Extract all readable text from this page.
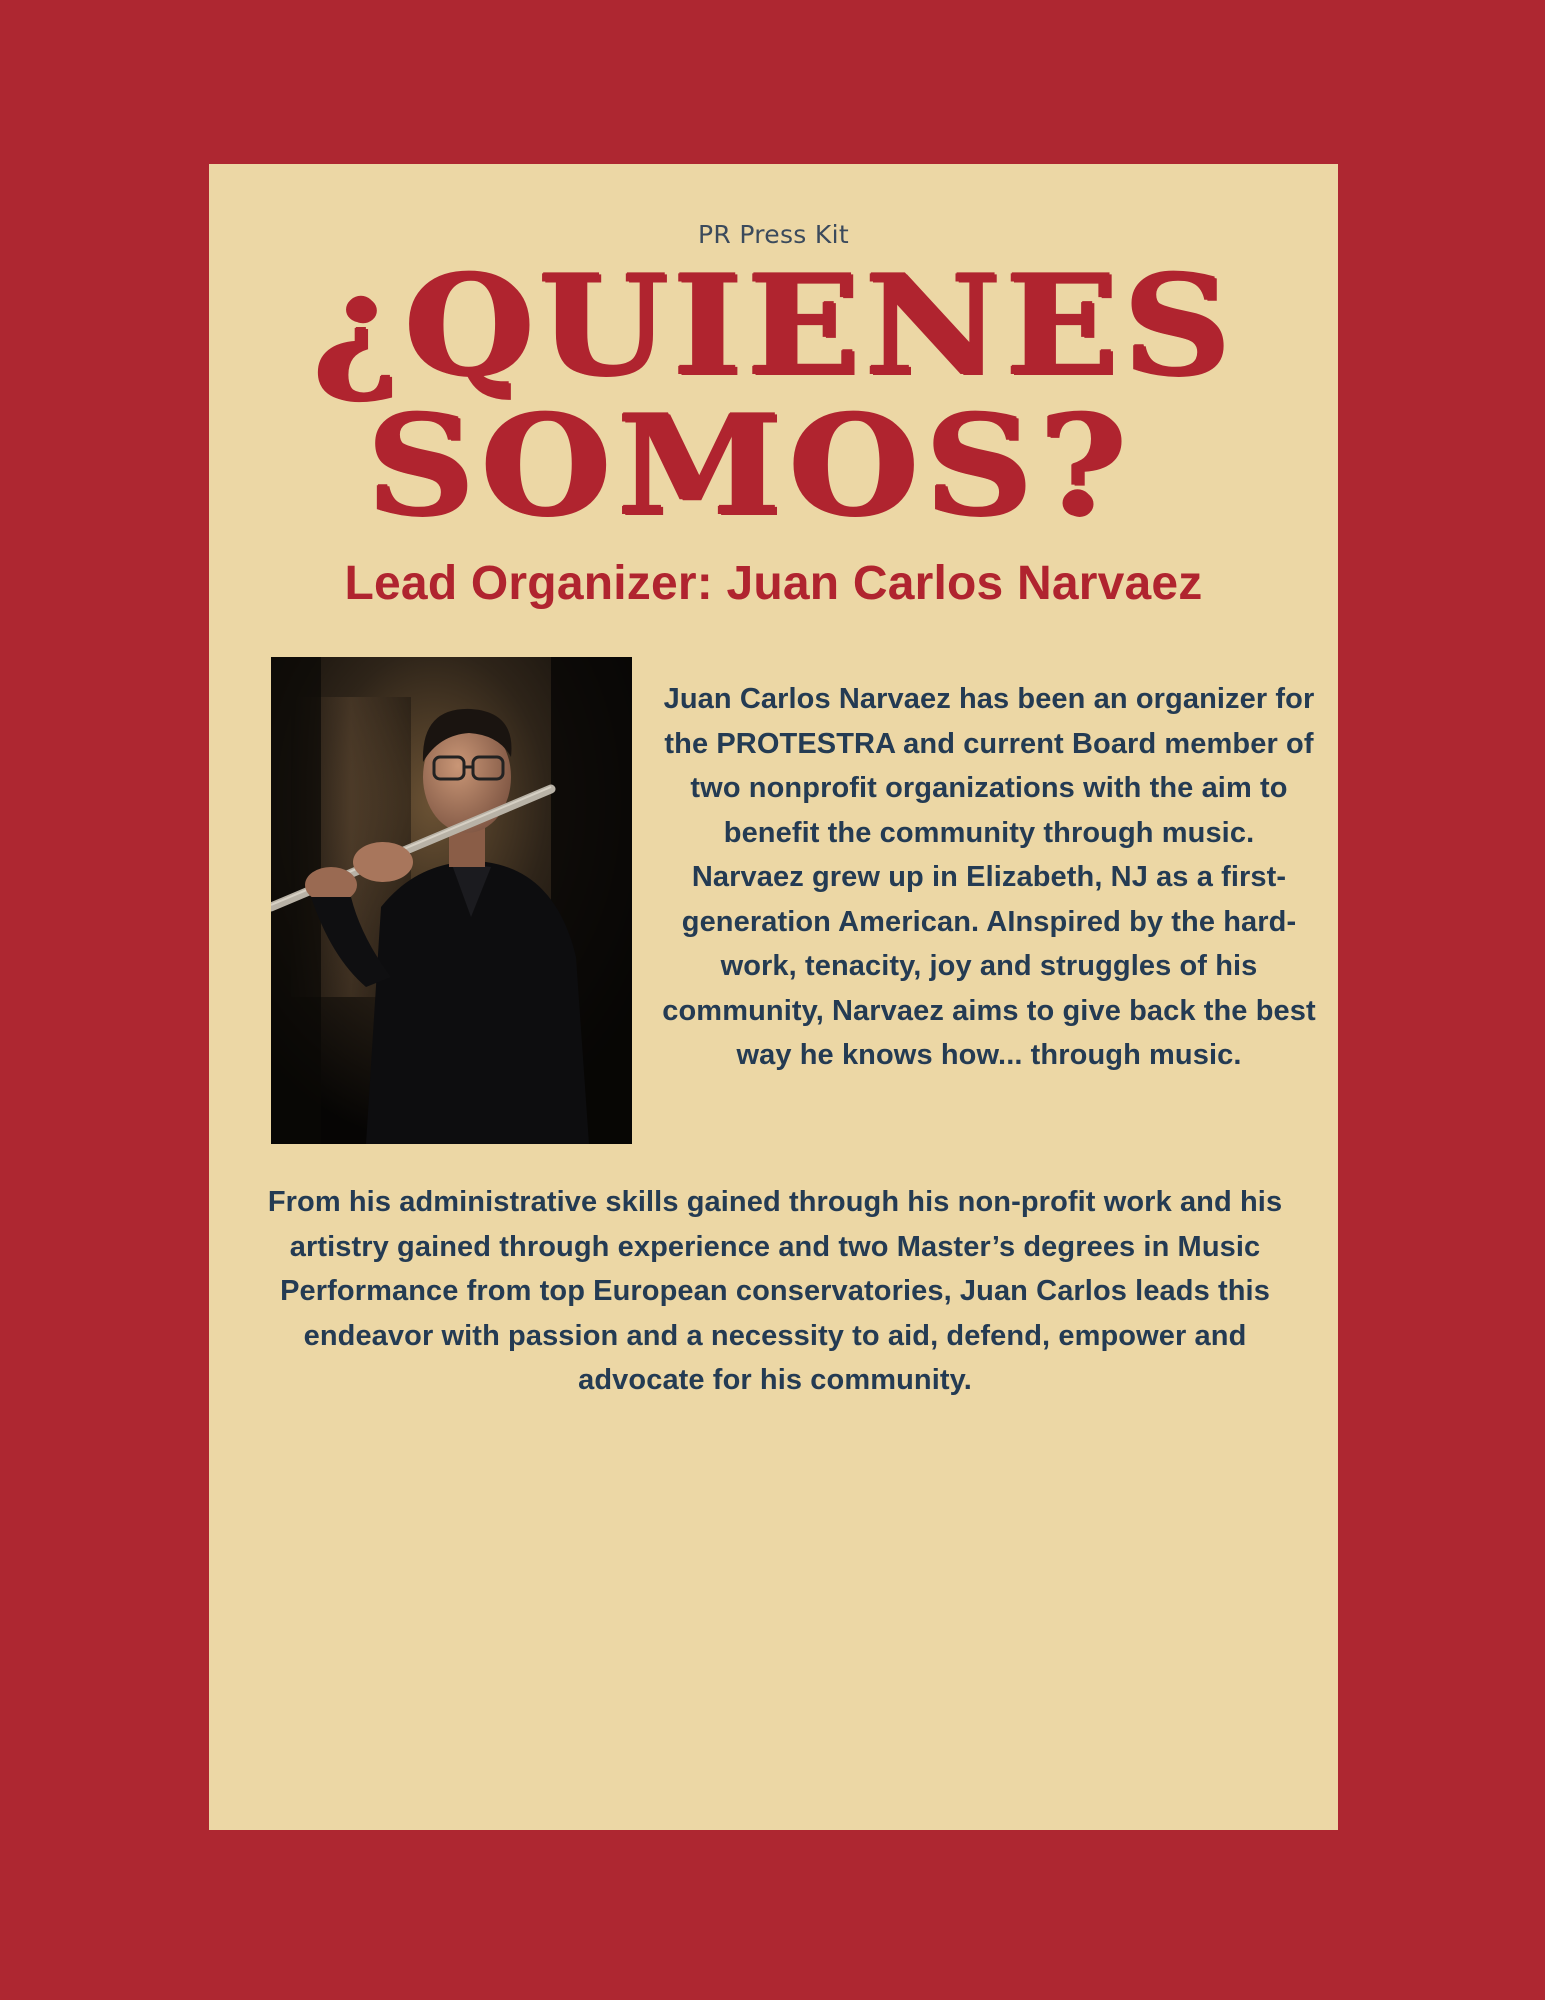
PR Press Kit
¿QUIENES
SOMOS?
Lead Organizer: Juan Carlos Narvaez

Juan Carlos Narvaez has been an organizer for the PROTESTRA and current Board member of two nonprofit organizations with the aim to benefit the community through music.

Narvaez grew up in Elizabeth, NJ as a first-generation American. AInspired by the hard-work, tenacity, joy and struggles of his community, Narvaez aims to give back the best way he knows how... through music.

From his administrative skills gained through his non-profit work and his artistry gained through experience and two Master’s degrees in Music Performance from top European conservatories, Juan Carlos leads this endeavor with passion and a necessity to aid, defend, empower and advocate for his community.
